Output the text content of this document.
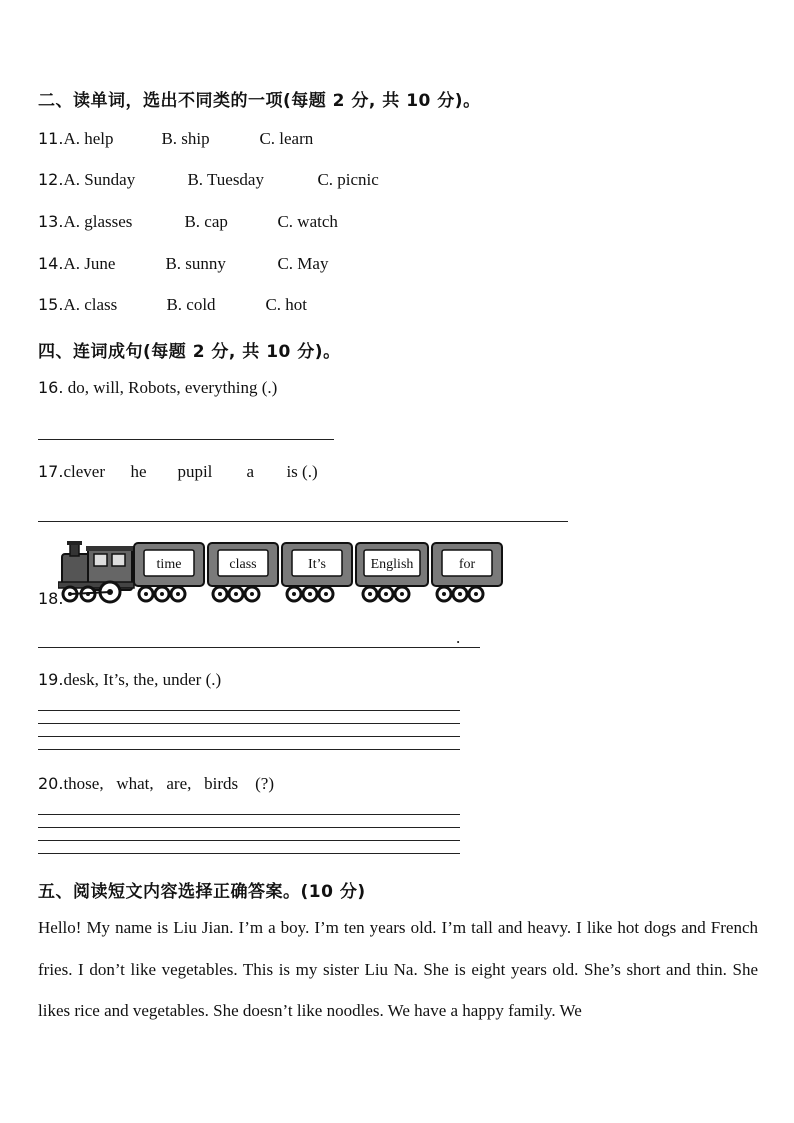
二、读单词，选出不同类的一项(每题 2 分, 共 10 分)。
11.A. help	B. ship	C. learn
12.A. Sunday	B. Tuesday	C. picnic
13.A. glasses	B. cap	C. watch
14.A. June	B. sunny	C. May
15.A. class	B. cold	C. hot
四、连词成句(每题 2 分, 共 10 分)。
16. do, will, Robots, everything (.)
17.clever he pupil a is (.)
18.
time	class	It’s	English	for
.
19.desk, It’s, the, under (.)
20.those,   what,   are,   birds    (?)
五、阅读短文内容选择正确答案。(10 分)
Hello! My name is Liu Jian. I’m a boy. I’m ten years old. I’m tall and heavy. I like hot dogs and French fries. I don’t like vegetables. This is my sister Liu Na. She is eight years old. She’s short and thin. She likes rice and vegetables. She doesn’t like noodles. We have a happy family. We
